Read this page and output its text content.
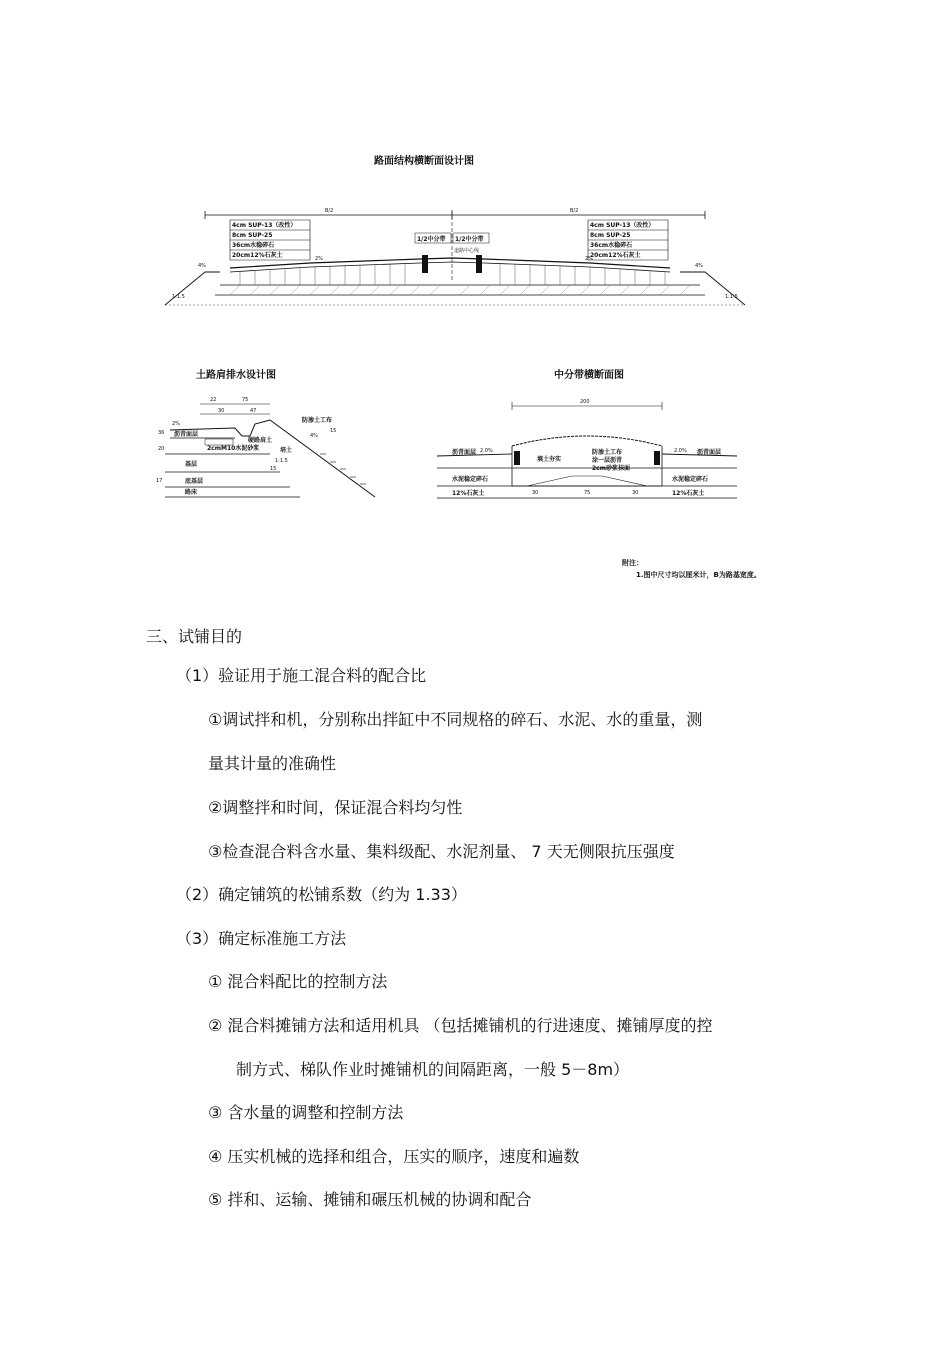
路面结构横断面设计图
B/2	B/2
4cm SUP-13（改性）
8cm SUP-25
36cm水稳碎石
20cm12%石灰土
4cm SUP-13（改性）
8cm SUP-25
36cm水稳碎石
20cm12%石灰土
1/2中分带 1/2中分带
道路中心线
4%	4%
2%	2%
1:1.5	1:1.5
土路肩排水设计图
22	75
30	47
2%
36
20
1:1.5
4%
15
15
17
沥青面层
基层
底基层
路床
2cmM10水泥砂浆	培土
硬路肩土
防渗土工布
中分带横断面图
200
2.0%	2.0%
沥青面层
水泥稳定碎石
12%石灰土
沥青面层
水泥稳定碎石
12%石灰土
填土夯实
防渗土工布
涂一层沥青
2cm砂浆抹面
30	75	30
附注：
1.图中尺寸均以厘米计，B为路基宽度。
三、试铺目的
（1）验证用于施工混合料的配合比
①调试拌和机，分别称出拌缸中不同规格的碎石、水泥、水的重量，测
量其计量的准确性
②调整拌和时间，保证混合料均匀性
③检查混合料含水量、集料级配、水泥剂量、 7 天无侧限抗压强度
（2）确定铺筑的松铺系数（约为 1.33）
（3）确定标准施工方法
① 混合料配比的控制方法
② 混合料摊铺方法和适用机具 （包括摊铺机的行进速度、摊铺厚度的控
制方式、梯队作业时摊铺机的间隔距离，一般 5－8m）
③ 含水量的调整和控制方法
④ 压实机械的选择和组合，压实的顺序，速度和遍数
⑤ 拌和、运输、摊铺和碾压机械的协调和配合
